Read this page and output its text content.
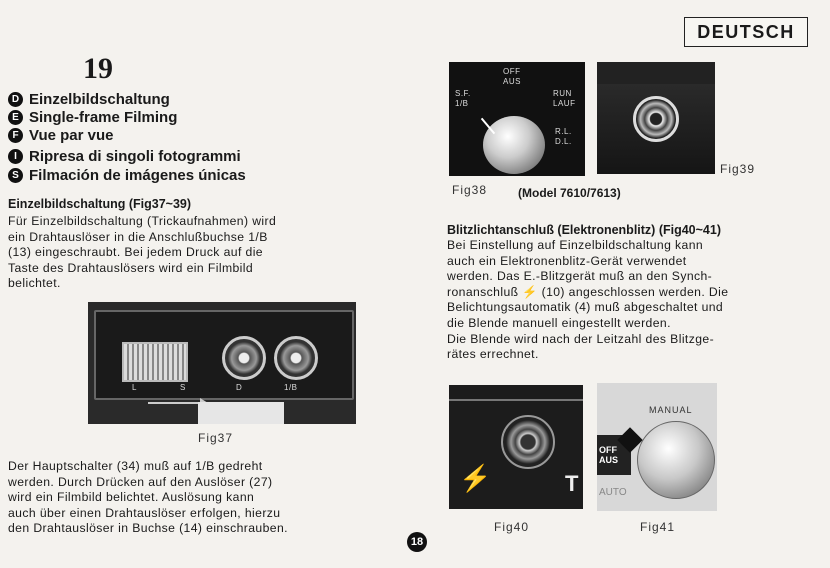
DEUTSCH
19
D Einzelbildschaltung
E Single-frame Filming
F Vue par vue
I Ripresa di singoli fotogrammi
S Filmación de imágenes únicas
Einzelbildschaltung (Fig37~39)
Für Einzelbildschaltung (Trickaufnahmen) wird
ein Drahtauslöser in die Anschlußbuchse 1/B
(13) eingeschraubt. Bei jedem Druck auf die
Taste des Drahtauslösers wird ein Filmbild
belichtet.
L	S	D	1/B
Fig37
Der Hauptschalter (34) muß auf 1/B gedreht
werden. Durch Drücken auf den Auslöser (27)
wird ein Filmbild belichtet. Auslösung kann
auch über einen Drahtauslöser erfolgen, hierzu
den Drahtauslöser in Buchse (14) einschrauben.
18
OFF
AUS
S.F.
1/B
RUN
LAUF
R.L.
D.L.
Fig38	(Model 7610/7613)
Fig39
Blitzlichtanschluß (Elektronenblitz) (Fig40~41)
Bei Einstellung auf Einzelbildschaltung kann
auch ein Elektronenblitz-Gerät verwendet
werden. Das E.-Blitzgerät muß an den Synch-
ronanschluß ⚡ (10) angeschlossen werden. Die
Belichtungsautomatik (4) muß abgeschaltet und
die Blende manuell eingestellt werden.
Die Blende wird nach der Leitzahl des Blitzge-
rätes errechnet.
⚡	T
Fig40
MANUAL
OFF
AUS
AUTO
Fig41
